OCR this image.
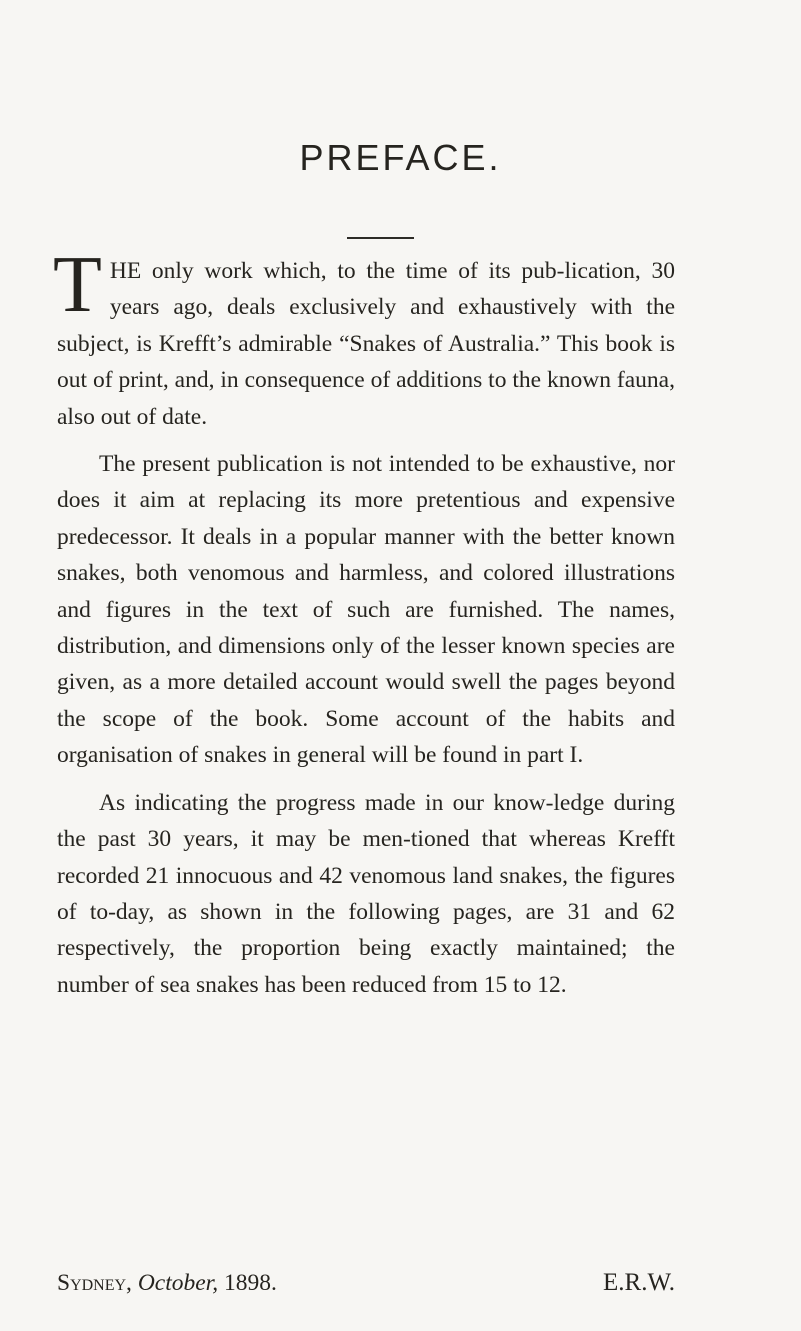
PREFACE.

THE only work which, to the time of its pub-lication, 30 years ago, deals exclusively and exhaustively with the subject, is Krefft’s admirable “Snakes of Australia.” This book is out of print, and, in consequence of additions to the known fauna, also out of date.

The present publication is not intended to be exhaustive, nor does it aim at replacing its more pretentious and expensive predecessor. It deals in a popular manner with the better known snakes, both venomous and harmless, and colored illustrations and figures in the text of such are furnished. The names, distribution, and dimensions only of the lesser known species are given, as a more detailed account would swell the pages beyond the scope of the book. Some account of the habits and organisation of snakes in general will be found in part I.

As indicating the progress made in our know-ledge during the past 30 years, it may be men-tioned that whereas Krefft recorded 21 innocuous and 42 venomous land snakes, the figures of to-day, as shown in the following pages, are 31 and 62 respectively, the proportion being exactly maintained; the number of sea snakes has been reduced from 15 to 12.

Sydney, October, 1898.	E.R.W.
